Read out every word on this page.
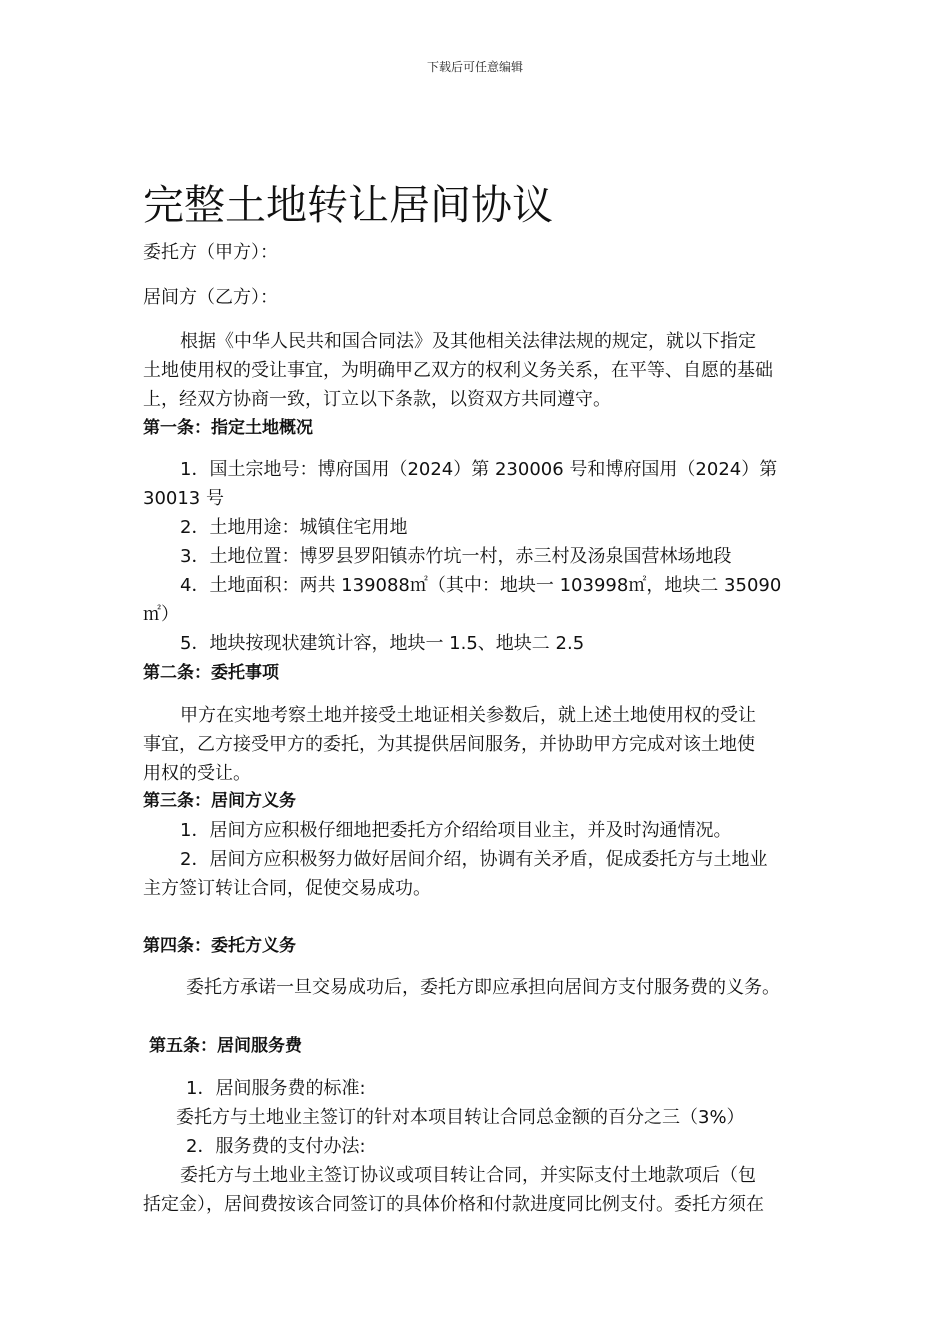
下载后可任意编辑
完整土地转让居间协议
委托方（甲方）：
居间方（乙方）：
根据《中华人民共和国合同法》及其他相关法律法规的规定，就以下指定
土地使用权的受让事宜，为明确甲乙双方的权利义务关系，在平等、自愿的基础
上，经双方协商一致，订立以下条款，以资双方共同遵守。
第一条：指定土地概况
1．国土宗地号：博府国用（2024）第 230006 号和博府国用（2024）第
30013 号
2．土地用途：城镇住宅用地
3．土地位置：博罗县罗阳镇赤竹坑一村，赤三村及汤泉国营林场地段
4．土地面积：两共 139088㎡（其中：地块一 103998㎡，地块二 35090
㎡）
5．地块按现状建筑计容，地块一 1.5、地块二 2.5
第二条：委托事项
甲方在实地考察土地并接受土地证相关参数后，就上述土地使用权的受让
事宜，乙方接受甲方的委托，为其提供居间服务，并协助甲方完成对该土地使
用权的受让。
第三条：居间方义务
1．居间方应积极仔细地把委托方介绍给项目业主，并及时沟通情况。
2．居间方应积极努力做好居间介绍，协调有关矛盾，促成委托方与土地业
主方签订转让合同，促使交易成功。
第四条：委托方义务
委托方承诺一旦交易成功后，委托方即应承担向居间方支付服务费的义务。
第五条：居间服务费
1．居间服务费的标准:
委托方与土地业主签订的针对本项目转让合同总金额的百分之三（3%）
2．服务费的支付办法:
委托方与土地业主签订协议或项目转让合同，并实际支付土地款项后（包
括定金），居间费按该合同签订的具体价格和付款进度同比例支付。委托方须在
